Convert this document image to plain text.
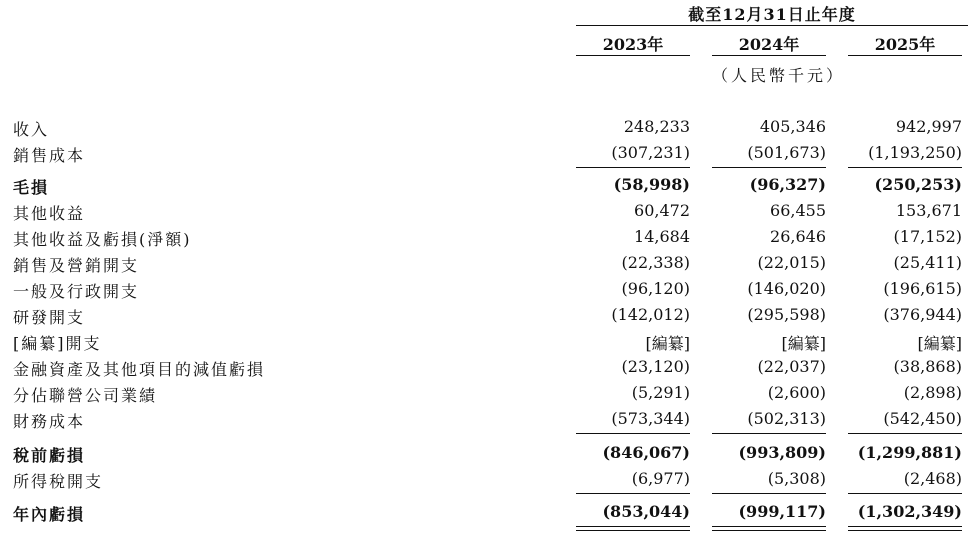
截至12月31日止年度
2023年	2024年	2025年
（人民幣千元）
收入	248,233	405,346	942,997
銷售成本	(307,231)	(501,673)	(1,193,250)
毛損	(58,998)	(96,327)	(250,253)
其他收益	60,472	66,455	153,671
其他收益及虧損(淨額)	14,684	26,646	(17,152)
銷售及營銷開支	(22,338)	(22,015)	(25,411)
一般及行政開支	(96,120)	(146,020)	(196,615)
研發開支	(142,012)	(295,598)	(376,944)
[編纂]開支	[編纂]	[編纂]	[編纂]
金融資產及其他項目的減值虧損	(23,120)	(22,037)	(38,868)
分佔聯營公司業績	(5,291)	(2,600)	(2,898)
財務成本	(573,344)	(502,313)	(542,450)
稅前虧損	(846,067)	(993,809)	(1,299,881)
所得稅開支	(6,977)	(5,308)	(2,468)
年內虧損	(853,044)	(999,117)	(1,302,349)
